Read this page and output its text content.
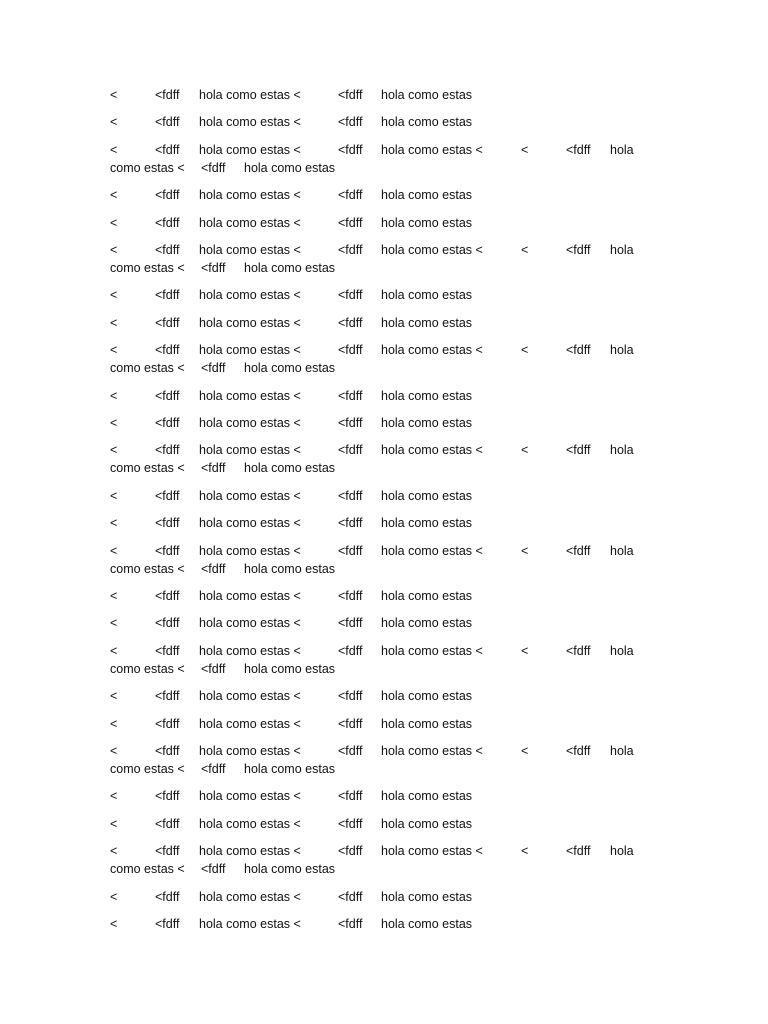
<	<fdff hola como estas <	<fdff hola como estas
<	<fdff hola como estas <	<fdff hola como estas
<	<fdff hola como estas <	<fdff hola como estas <	<	<fdff hola
como estas < <fdff hola como estas
<	<fdff hola como estas <	<fdff hola como estas
<	<fdff hola como estas <	<fdff hola como estas
<	<fdff hola como estas <	<fdff hola como estas <	<	<fdff hola
como estas < <fdff hola como estas
<	<fdff hola como estas <	<fdff hola como estas
<	<fdff hola como estas <	<fdff hola como estas
<	<fdff hola como estas <	<fdff hola como estas <	<	<fdff hola
como estas < <fdff hola como estas
<	<fdff hola como estas <	<fdff hola como estas
<	<fdff hola como estas <	<fdff hola como estas
<	<fdff hola como estas <	<fdff hola como estas <	<	<fdff hola
como estas < <fdff hola como estas
<	<fdff hola como estas <	<fdff hola como estas
<	<fdff hola como estas <	<fdff hola como estas
<	<fdff hola como estas <	<fdff hola como estas <	<	<fdff hola
como estas < <fdff hola como estas
<	<fdff hola como estas <	<fdff hola como estas
<	<fdff hola como estas <	<fdff hola como estas
<	<fdff hola como estas <	<fdff hola como estas <	<	<fdff hola
como estas < <fdff hola como estas
<	<fdff hola como estas <	<fdff hola como estas
<	<fdff hola como estas <	<fdff hola como estas
<	<fdff hola como estas <	<fdff hola como estas <	<	<fdff hola
como estas < <fdff hola como estas
<	<fdff hola como estas <	<fdff hola como estas
<	<fdff hola como estas <	<fdff hola como estas
<	<fdff hola como estas <	<fdff hola como estas <	<	<fdff hola
como estas < <fdff hola como estas
<	<fdff hola como estas <	<fdff hola como estas
<	<fdff hola como estas <	<fdff hola como estas
